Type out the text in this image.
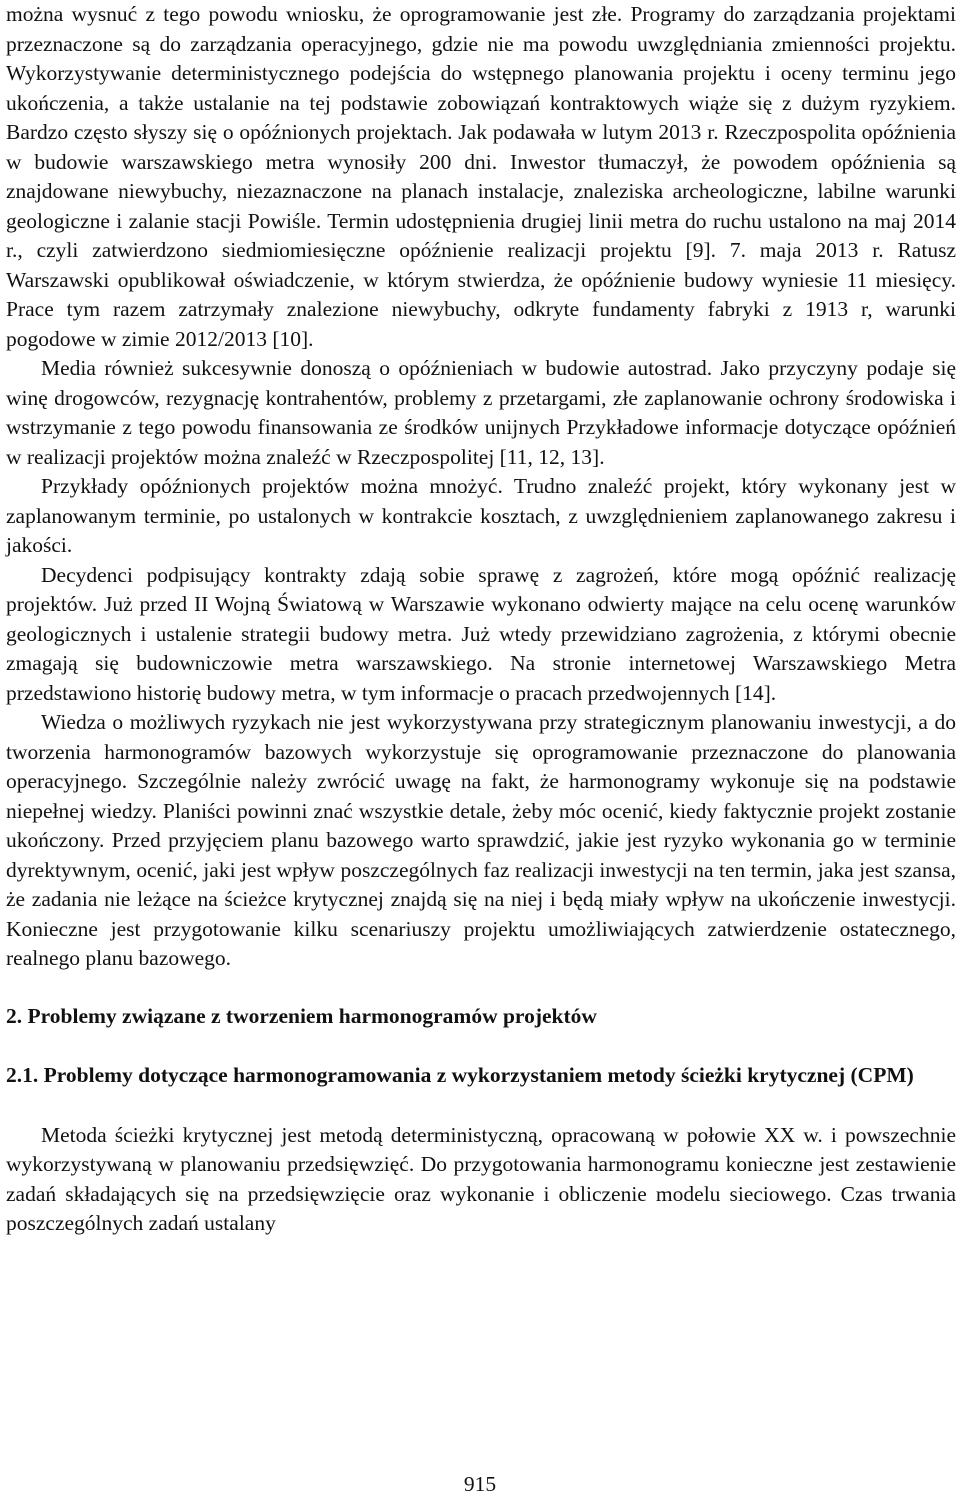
można wysnuć z tego powodu wniosku, że oprogramowanie jest złe. Programy do zarządzania projektami przeznaczone są do zarządzania operacyjnego, gdzie nie ma powodu uwzględniania zmienności projektu. Wykorzystywanie deterministycznego podejścia do wstępnego planowania projektu i oceny terminu jego ukończenia, a także ustalanie na tej podstawie zobowiązań kontraktowych wiąże się z dużym ryzykiem. Bardzo często słyszy się o opóźnionych projektach. Jak podawała w lutym 2013 r. Rzeczpospolita opóźnienia w budowie warszawskiego metra wynosiły 200 dni. Inwestor tłumaczył, że powodem opóźnienia są znajdowane niewybuchy, niezaznaczone na planach instalacje, znaleziska archeologiczne, labilne warunki geologiczne i zalanie stacji Powiśle. Termin udostępnienia drugiej linii metra do ruchu ustalono na maj 2014 r., czyli zatwierdzono siedmiomiesięczne opóźnienie realizacji projektu [9]. 7. maja 2013 r. Ratusz Warszawski opublikował oświadczenie, w którym stwierdza, że opóźnienie budowy wyniesie 11 miesięcy. Prace tym razem zatrzymały znalezione niewybuchy, odkryte fundamenty fabryki z 1913 r, warunki pogodowe w zimie 2012/2013 [10].

Media również sukcesywnie donoszą o opóźnieniach w budowie autostrad. Jako przyczyny podaje się winę drogowców, rezygnację kontrahentów, problemy z przetargami, złe zaplanowanie ochrony środowiska i wstrzymanie z tego powodu finansowania ze środków unijnych Przykładowe informacje dotyczące opóźnień w realizacji projektów można znaleźć w Rzeczpospolitej [11, 12, 13].

Przykłady opóźnionych projektów można mnożyć. Trudno znaleźć projekt, który wykonany jest w zaplanowanym terminie, po ustalonych w kontrakcie kosztach, z uwzględnieniem zaplanowanego zakresu i jakości.

Decydenci podpisujący kontrakty zdają sobie sprawę z zagrożeń, które mogą opóźnić realizację projektów. Już przed II Wojną Światową w Warszawie wykonano odwierty mające na celu ocenę warunków geologicznych i ustalenie strategii budowy metra. Już wtedy przewidziano zagrożenia, z którymi obecnie zmagają się budowniczowie metra warszawskiego. Na stronie internetowej Warszawskiego Metra przedstawiono historię budowy metra, w tym informacje o pracach przedwojennych [14].

Wiedza o możliwych ryzykach nie jest wykorzystywana przy strategicznym planowaniu inwestycji, a do tworzenia harmonogramów bazowych wykorzystuje się oprogramowanie przeznaczone do planowania operacyjnego. Szczególnie należy zwrócić uwagę na fakt, że harmonogramy wykonuje się na podstawie niepełnej wiedzy. Planiści powinni znać wszystkie detale, żeby móc ocenić, kiedy faktycznie projekt zostanie ukończony. Przed przyjęciem planu bazowego warto sprawdzić, jakie jest ryzyko wykonania go w terminie dyrektywnym, ocenić, jaki jest wpływ poszczególnych faz realizacji inwestycji na ten termin, jaka jest szansa, że zadania nie leżące na ścieżce krytycznej znajdą się na niej i będą miały wpływ na ukończenie inwestycji. Konieczne jest przygotowanie kilku scenariuszy projektu umożliwiających zatwierdzenie ostatecznego, realnego planu bazowego.

2. Problemy związane z tworzeniem harmonogramów projektów

2.1. Problemy dotyczące harmonogramowania z wykorzystaniem metody ścieżki krytycznej (CPM)

Metoda ścieżki krytycznej jest metodą deterministyczną, opracowaną w połowie XX w. i powszechnie wykorzystywaną w planowaniu przedsięwzięć. Do przygotowania harmonogramu konieczne jest zestawienie zadań składających się na przedsięwzięcie oraz wykonanie i obliczenie modelu sieciowego. Czas trwania poszczególnych zadań ustalany

915
